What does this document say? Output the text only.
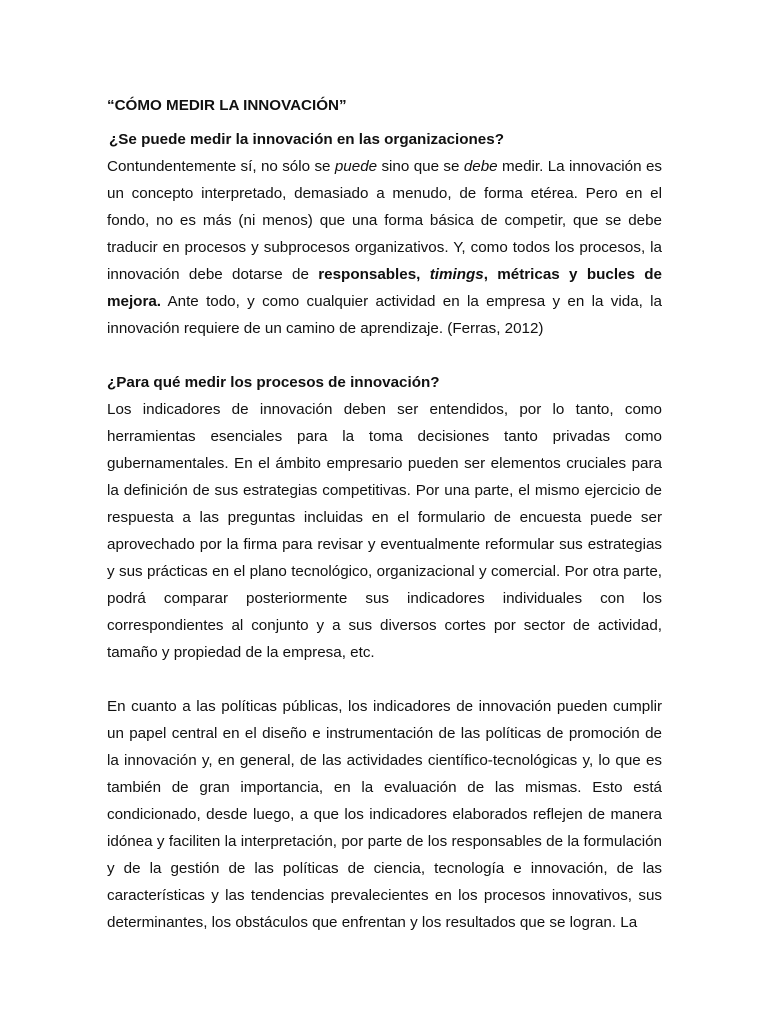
“CÓMO MEDIR LA INNOVACIÓN”

¿Se puede medir la innovación en las organizaciones?

Contundentemente sí, no sólo se puede sino que se debe medir. La innovación es un concepto interpretado, demasiado a menudo, de forma etérea. Pero en el fondo, no es más (ni menos) que una forma básica de competir, que se debe traducir en procesos y subprocesos organizativos. Y, como todos los procesos, la innovación debe dotarse de responsables, timings, métricas y bucles de mejora. Ante todo, y como cualquier actividad en la empresa y en la vida, la innovación requiere de un camino de aprendizaje. (Ferras, 2012)

¿Para qué medir los procesos de innovación?

Los indicadores de innovación deben ser entendidos, por lo tanto, como herramientas esenciales para la toma decisiones tanto privadas como gubernamentales. En el ámbito empresario pueden ser elementos cruciales para la definición de sus estrategias competitivas. Por una parte, el mismo ejercicio de respuesta a las preguntas incluidas en el formulario de encuesta puede ser aprovechado por la firma para revisar y eventualmente reformular sus estrategias y sus prácticas en el plano tecnológico, organizacional y comercial. Por otra parte, podrá comparar posteriormente sus indicadores individuales con los correspondientes al conjunto y a sus diversos cortes por sector de actividad, tamaño y propiedad de la empresa, etc.

En cuanto a las políticas públicas, los indicadores de innovación pueden cumplir un papel central en el diseño e instrumentación de las políticas de promoción de la innovación y, en general, de las actividades científico-tecnológicas y, lo que es también de gran importancia, en la evaluación de las mismas. Esto está condicionado, desde luego, a que los indicadores elaborados reflejen de manera idónea y faciliten la interpretación, por parte de los responsables de la formulación y de la gestión de las políticas de ciencia, tecnología e innovación, de las características y las tendencias prevalecientes en los procesos innovativos, sus determinantes, los obstáculos que enfrentan y los resultados que se logran. La
